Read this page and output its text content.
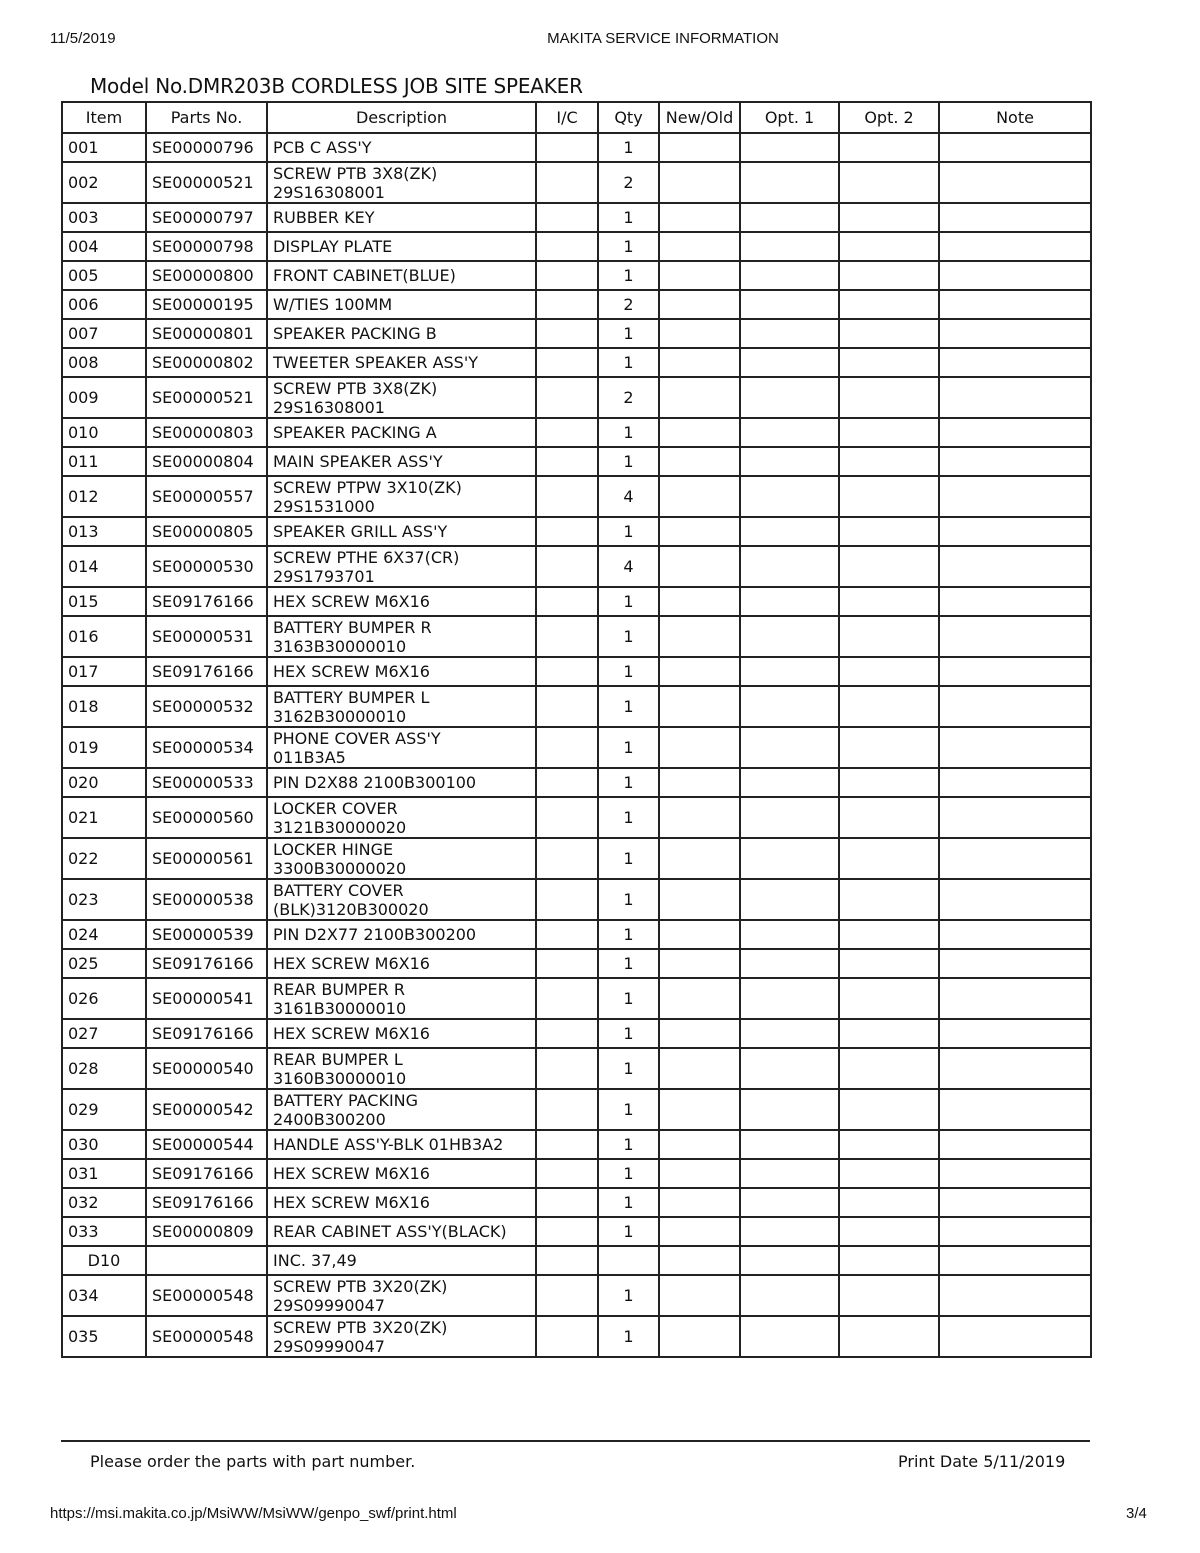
11/5/2019	MAKITA SERVICE INFORMATION
Model No.DMR203B CORDLESS JOB SITE SPEAKER
Item	Parts No.	Description	I/C	Qty	New/Old	Opt. 1	Opt. 2	Note
001	SE00000796	PCB C ASS'Y		1				
002	SE00000521	SCREW PTB 3X8(ZK)
29S16308001		2				
003	SE00000797	RUBBER KEY		1				
004	SE00000798	DISPLAY PLATE		1				
005	SE00000800	FRONT CABINET(BLUE)		1				
006	SE00000195	W/TIES 100MM		2				
007	SE00000801	SPEAKER PACKING B		1				
008	SE00000802	TWEETER SPEAKER ASS'Y		1				
009	SE00000521	SCREW PTB 3X8(ZK)
29S16308001		2				
010	SE00000803	SPEAKER PACKING A		1				
011	SE00000804	MAIN SPEAKER ASS'Y		1				
012	SE00000557	SCREW PTPW 3X10(ZK)
29S1531000		4				
013	SE00000805	SPEAKER GRILL ASS'Y		1				
014	SE00000530	SCREW PTHE 6X37(CR)
29S1793701		4				
015	SE09176166	HEX SCREW M6X16		1				
016	SE00000531	BATTERY BUMPER R
3163B30000010		1				
017	SE09176166	HEX SCREW M6X16		1				
018	SE00000532	BATTERY BUMPER L
3162B30000010		1				
019	SE00000534	PHONE COVER ASS'Y
011B3A5		1				
020	SE00000533	PIN D2X88 2100B300100		1				
021	SE00000560	LOCKER COVER
3121B30000020		1				
022	SE00000561	LOCKER HINGE
3300B30000020		1				
023	SE00000538	BATTERY COVER
(BLK)3120B300020		1				
024	SE00000539	PIN D2X77 2100B300200		1				
025	SE09176166	HEX SCREW M6X16		1				
026	SE00000541	REAR BUMPER R
3161B30000010		1				
027	SE09176166	HEX SCREW M6X16		1				
028	SE00000540	REAR BUMPER L
3160B30000010		1				
029	SE00000542	BATTERY PACKING
2400B300200		1				
030	SE00000544	HANDLE ASS'Y-BLK 01HB3A2		1				
031	SE09176166	HEX SCREW M6X16		1				
032	SE09176166	HEX SCREW M6X16		1				
033	SE00000809	REAR CABINET ASS'Y(BLACK)		1				
D10		INC. 37,49						

034	SE00000548	SCREW PTB 3X20(ZK)
29S09990047		1				
035	SE00000548	SCREW PTB 3X20(ZK)
29S09990047		1				
Please order the parts with part number.	Print Date 5/11/2019
https://msi.makita.co.jp/MsiWW/MsiWW/genpo_swf/print.html	3/4
